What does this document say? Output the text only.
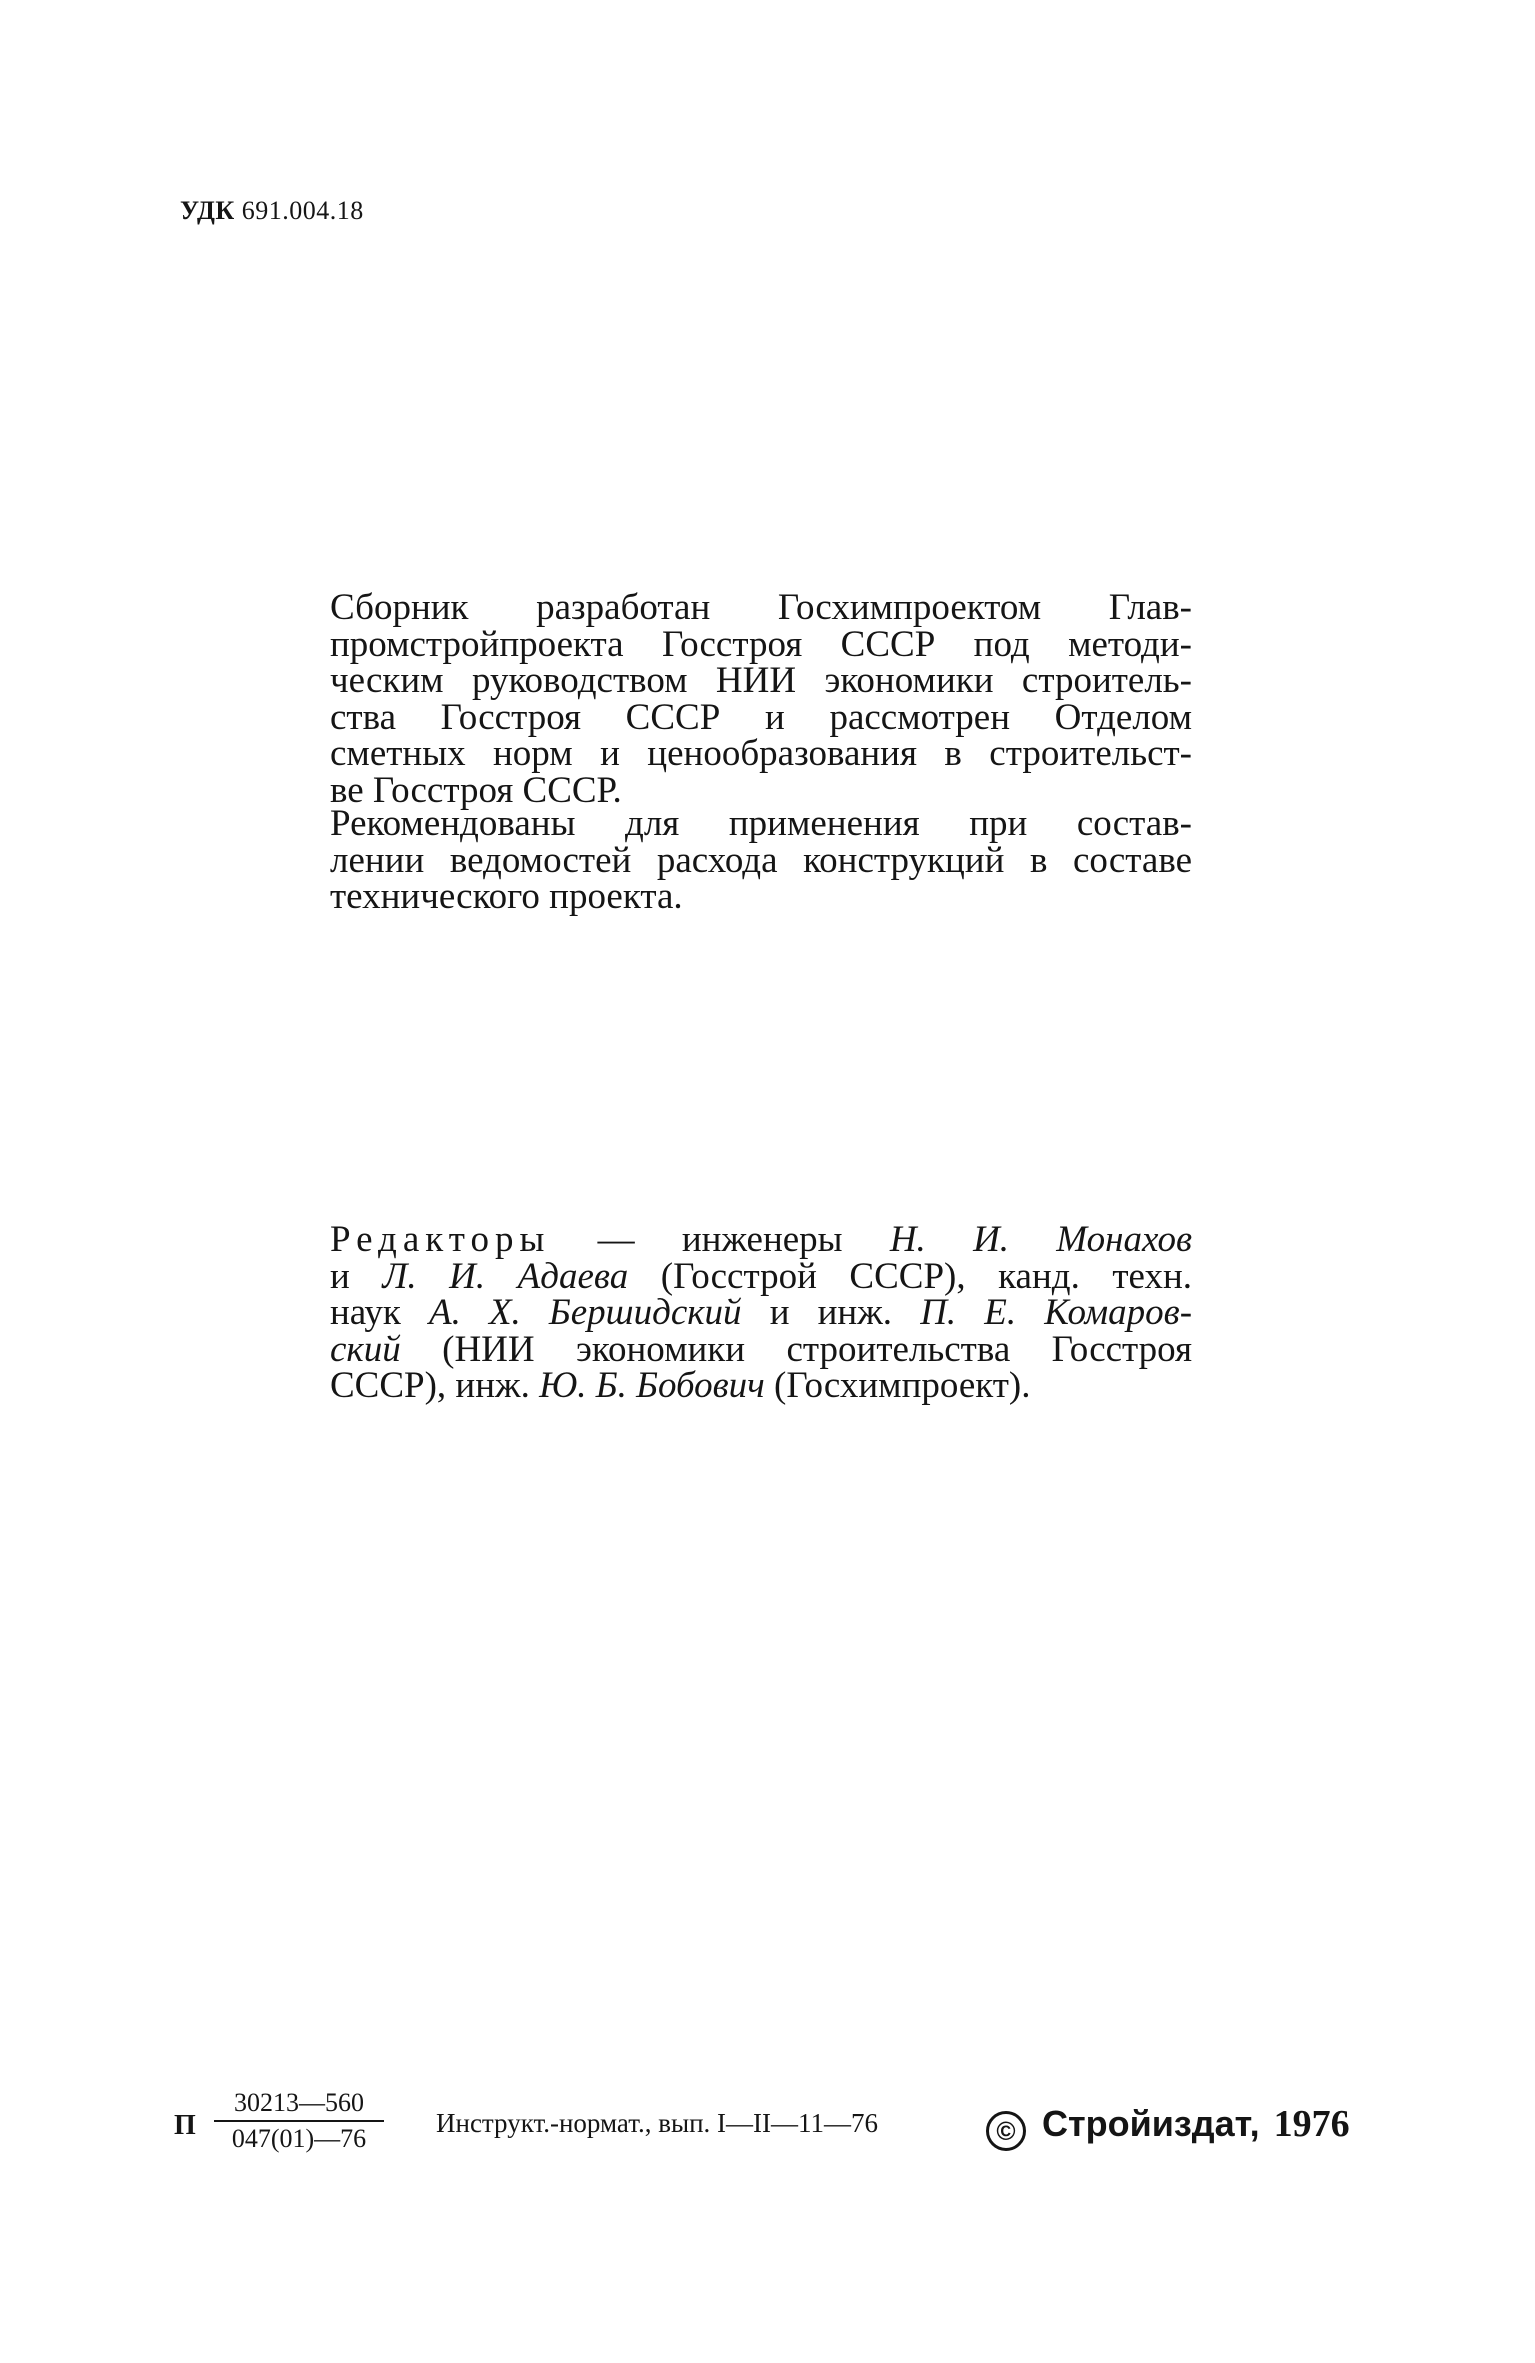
УДК 691.004.18
Сборник разработан Госхимпроектом Глав-
промстройпроекта Госстроя СССР под методи-
ческим руководством НИИ экономики строитель-
ства Госстроя СССР и рассмотрен Отделом
сметных норм и ценообразования в строительст-
ве Госстроя СССР.
Рекомендованы для применения при состав-
лении ведомостей расхода конструкций в составе
технического проекта.
Редакторы — инженеры Н. И. Монахов
и Л. И. Адаева (Госстрой СССР), канд. техн.
наук А. Х. Бершидский и инж. П. Е. Комаров-
ский (НИИ экономики строительства Госстроя
СССР), инж. Ю. Б. Бобович (Госхимпроект).
П $\frac{30213—560}{047(01)—76}$ Инструкт.-нормат., вып. I—II—11—76	© Стройиздат, 1976
